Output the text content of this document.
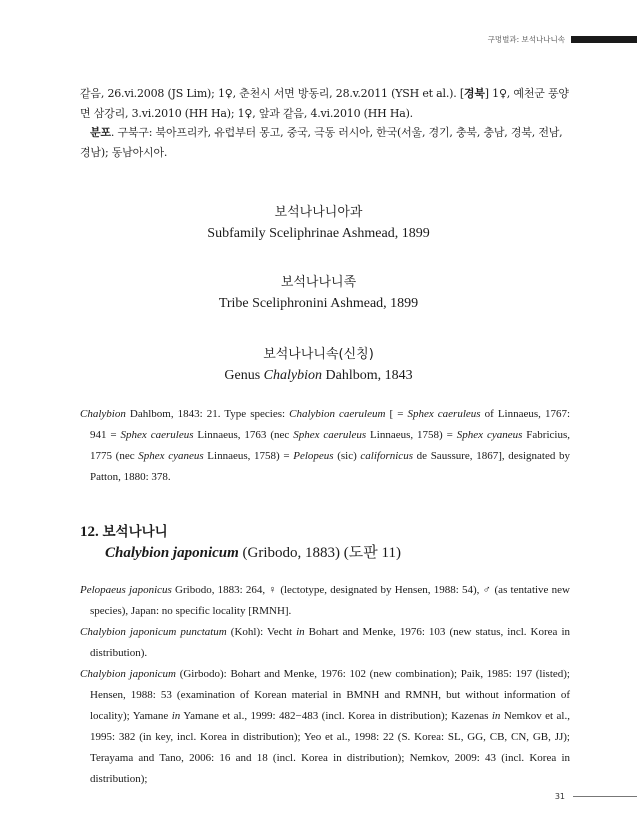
구멍벌과: 보석나나니속

같음, 26.vi.2008 (JS Lim); 1♀, 춘천시 서면 방동리, 28.v.2011 (YSH et al.). [경북] 1♀, 예천군 풍양면 삼강리, 3.vi.2010 (HH Ha); 1♀, 앞과 같음, 4.vi.2010 (HH Ha).

분포. 구북구: 북아프리카, 유럽부터 몽고, 중국, 극동 러시아, 한국(서울, 경기, 충북, 충남, 경북, 전남, 경남); 동남아시아.

보석나나니아과
Subfamily Sceliphrinae Ashmead, 1899
보석나나니족
Tribe Sceliphronini Ashmead, 1899
보석나나니속(신칭)
Genus Chalybion Dahlbom, 1843

Chalybion Dahlbom, 1843: 21. Type species: Chalybion caeruleum [ = Sphex caeruleus of Linnaeus, 1767: 941 = Sphex caeruleus Linnaeus, 1763 (nec Sphex caeruleus Linnaeus, 1758) = Sphex cyaneus Fabricius, 1775 (nec Sphex cyaneus Linnaeus, 1758) = Pelopeus (sic) californicus de Saussure, 1867], designated by Patton, 1880: 378.

12. 보석나나니
Chalybion japonicum (Gribodo, 1883) (도판 11)

Pelopaeus japonicus Gribodo, 1883: 264, ♀ (lectotype, designated by Hensen, 1988: 54), ♂ (as tentative new species), Japan: no specific locality [RMNH].

Chalybion japonicum punctatum (Kohl): Vecht in Bohart and Menke, 1976: 103 (new status, incl. Korea in distribution).

Chalybion japonicum (Girbodo): Bohart and Menke, 1976: 102 (new combination); Paik, 1985: 197 (listed); Hensen, 1988: 53 (examination of Korean material in BMNH and RMNH, but without information of locality); Yamane in Yamane et al., 1999: 482−483 (incl. Korea in distribution); Kazenas in Nemkov et al., 1995: 382 (in key, incl. Korea in distribution); Yeo et al., 1998: 22 (S. Korea: SL, GG, CB, CN, GB, JJ); Terayama and Tano, 2006: 16 and 18 (incl. Korea in distribution); Nemkov, 2009: 43 (incl. Korea in distribution);

31
